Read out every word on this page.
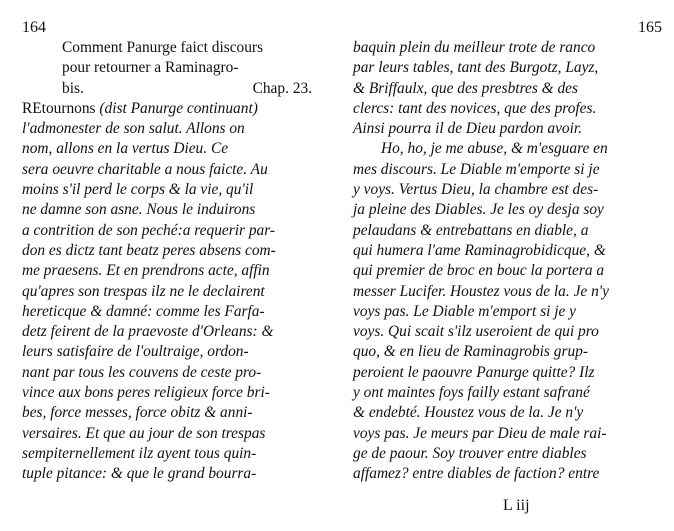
164	165
Comment Panurge faict discours
pour retourner a Raminagro-
bis.	Chap. 23.
REtournons (dist Panurge continuant)
l'admonester de son salut. Allons on
nom, allons en la vertus Dieu. Ce
sera oeuvre charitable a nous faicte. Au
moins s'il perd le corps & la vie, qu'il
ne damne son asne. Nous le induirons
a contrition de son peché:a requerir par-
don es dictz tant beatz peres absens com-
me praesens. Et en prendrons acte, affin
qu'apres son trespas ilz ne le declairent
hereticque & damné: comme les Farfa-
detz feirent de la praevoste d'Orleans: &
leurs satisfaire de l'oultraige, ordon-
nant par tous les couvens de ceste pro-
vince aux bons peres religieux force bri-
bes, force messes, force obitz & anni-
versaires. Et que au jour de son trespas
sempiternellement ilz ayent tous quin-
tuple pitance: & que le grand bourra-
baquin plein du meilleur trote de ranco
par leurs tables, tant des Burgotz, Layz,
& Briffaulx, que des presbtres & des
clercs: tant des novices, que des profes.
Ainsi pourra il de Dieu pardon avoir.
Ho, ho, je me abuse, & m'esguare en
mes discours. Le Diable m'emporte si je
y voys. Vertus Dieu, la chambre est des-
ja pleine des Diables. Je les oy desja soy
pelaudans & entrebattans en diable, a
qui humera l'ame Raminagrobidicque, &
qui premier de broc en bouc la portera a
messer Lucifer. Houstez vous de la. Je n'y
voys pas. Le Diable m'emport si je y
voys. Qui scait s'ilz useroient de qui pro
quo, & en lieu de Raminagrobis grup-
peroient le paouvre Panurge quitte? Ilz
y ont maintes foys failly estant safrané
& endebté. Houstez vous de la. Je n'y
voys pas. Je meurs par Dieu de male rai-
ge de paour. Soy trouver entre diables
affamez? entre diables de faction? entre
L iij
